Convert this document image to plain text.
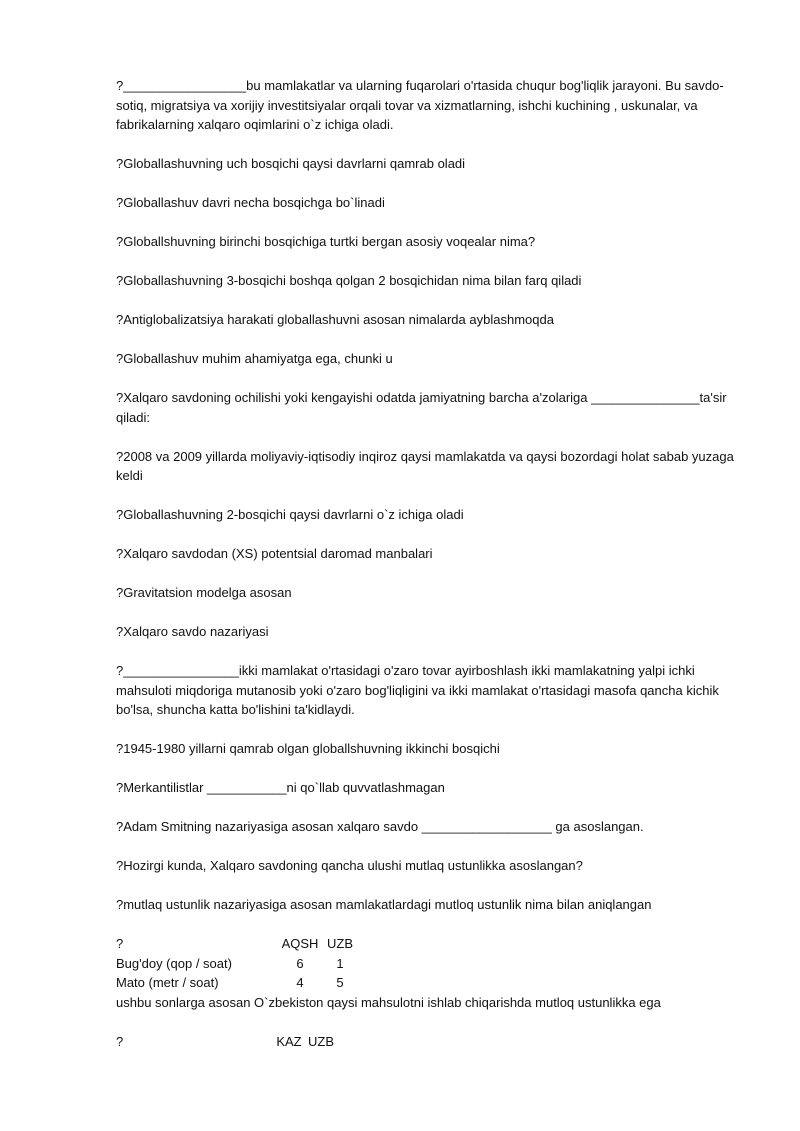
?_________________bu mamlakatlar va ularning fuqarolari o'rtasida chuqur bog'liqlik jarayoni. Bu savdo-sotiq, migratsiya va xorijiy investitsiyalar orqali tovar va xizmatlarning, ishchi kuchining , uskunalar, va fabrikalarning xalqaro oqimlarini o`z ichiga oladi.

?Globallashuvning uch bosqichi qaysi davrlarni qamrab oladi

?Globallashuv davri necha bosqichga bo`linadi

?Globallshuvning birinchi bosqichiga turtki bergan asosiy voqealar nima?

?Globallashuvning 3-bosqichi boshqa qolgan 2 bosqichidan nima bilan farq qiladi

?Antiglobalizatsiya harakati globallashuvni asosan nimalarda ayblashmoqda

?Globallashuv muhim ahamiyatga ega, chunki u

?Xalqaro savdoning ochilishi yoki kengayishi odatda jamiyatning barcha a'zolariga _______________ta'sir qiladi:

?2008 va 2009 yillarda moliyaviy-iqtisodiy inqiroz qaysi mamlakatda va qaysi bozordagi holat sabab yuzaga keldi

?Globallashuvning 2-bosqichi qaysi davrlarni o`z ichiga oladi

?Xalqaro savdodan (XS) potentsial daromad manbalari

?Gravitatsion modelga asosan

?Xalqaro savdo nazariyasi

?________________ikki mamlakat o'rtasidagi o'zaro tovar ayirboshlash ikki mamlakatning yalpi ichki mahsuloti miqdoriga mutanosib yoki o'zaro bog'liqligini va ikki mamlakat o'rtasidagi masofa qancha kichik bo'lsa, shuncha katta bo'lishini ta'kidlaydi.

?1945-1980 yillarni qamrab olgan globallshuvning ikkinchi bosqichi

?Merkantilistlar ___________ni qo`llab quvvatlashmagan

?Adam Smitning nazariyasiga asosan xalqaro savdo __________________ ga asoslangan.

?Hozirgi kunda, Xalqaro savdoning qancha ulushi mutlaq ustunlikka asoslangan?

?mutlaq ustunlik nazariyasiga asosan mamlakatlardagi mutloq ustunlik nima bilan aniqlangan

?	AQSH	UZB
Bug'doy (qop / soat)	6	1
Mato (metr / soat)	4	5

ushbu sonlarga asosan O`zbekiston qaysi mahsulotni ishlab chiqarishda mutloq ustunlikka ega

?	KAZ	UZB
